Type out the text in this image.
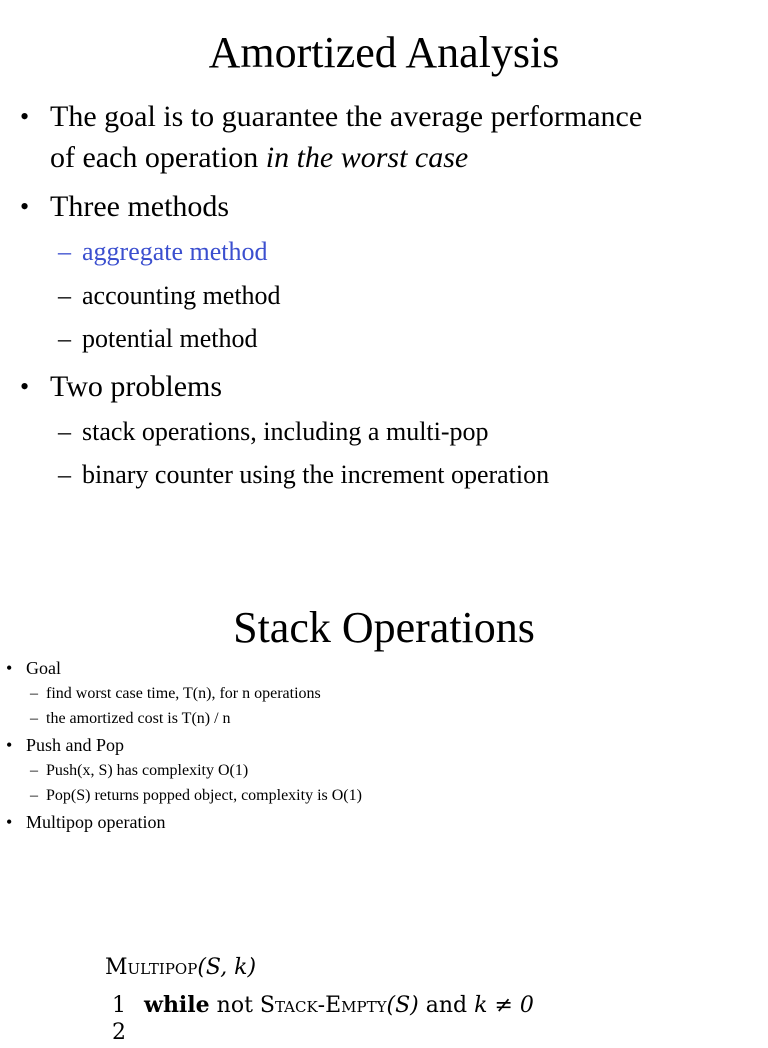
Amortized Analysis
• The goal is to guarantee the average performance
of each operation in the worst case
• Three methods
– aggregate method
– accounting method
– potential method
• Two problems
– stack operations, including a multi-pop
– binary counter using the increment operation
Stack Operations
• Goal
– find worst case time, T(n), for n operations
– the amortized cost is T(n) / n
• Push and Pop
– Push(x, S) has complexity O(1)
– Pop(S) returns popped object, complexity is O(1)
• Multipop operation
Multipop(S, k)
1 while not Stack-Empty(S) and k ≠ 0
2
